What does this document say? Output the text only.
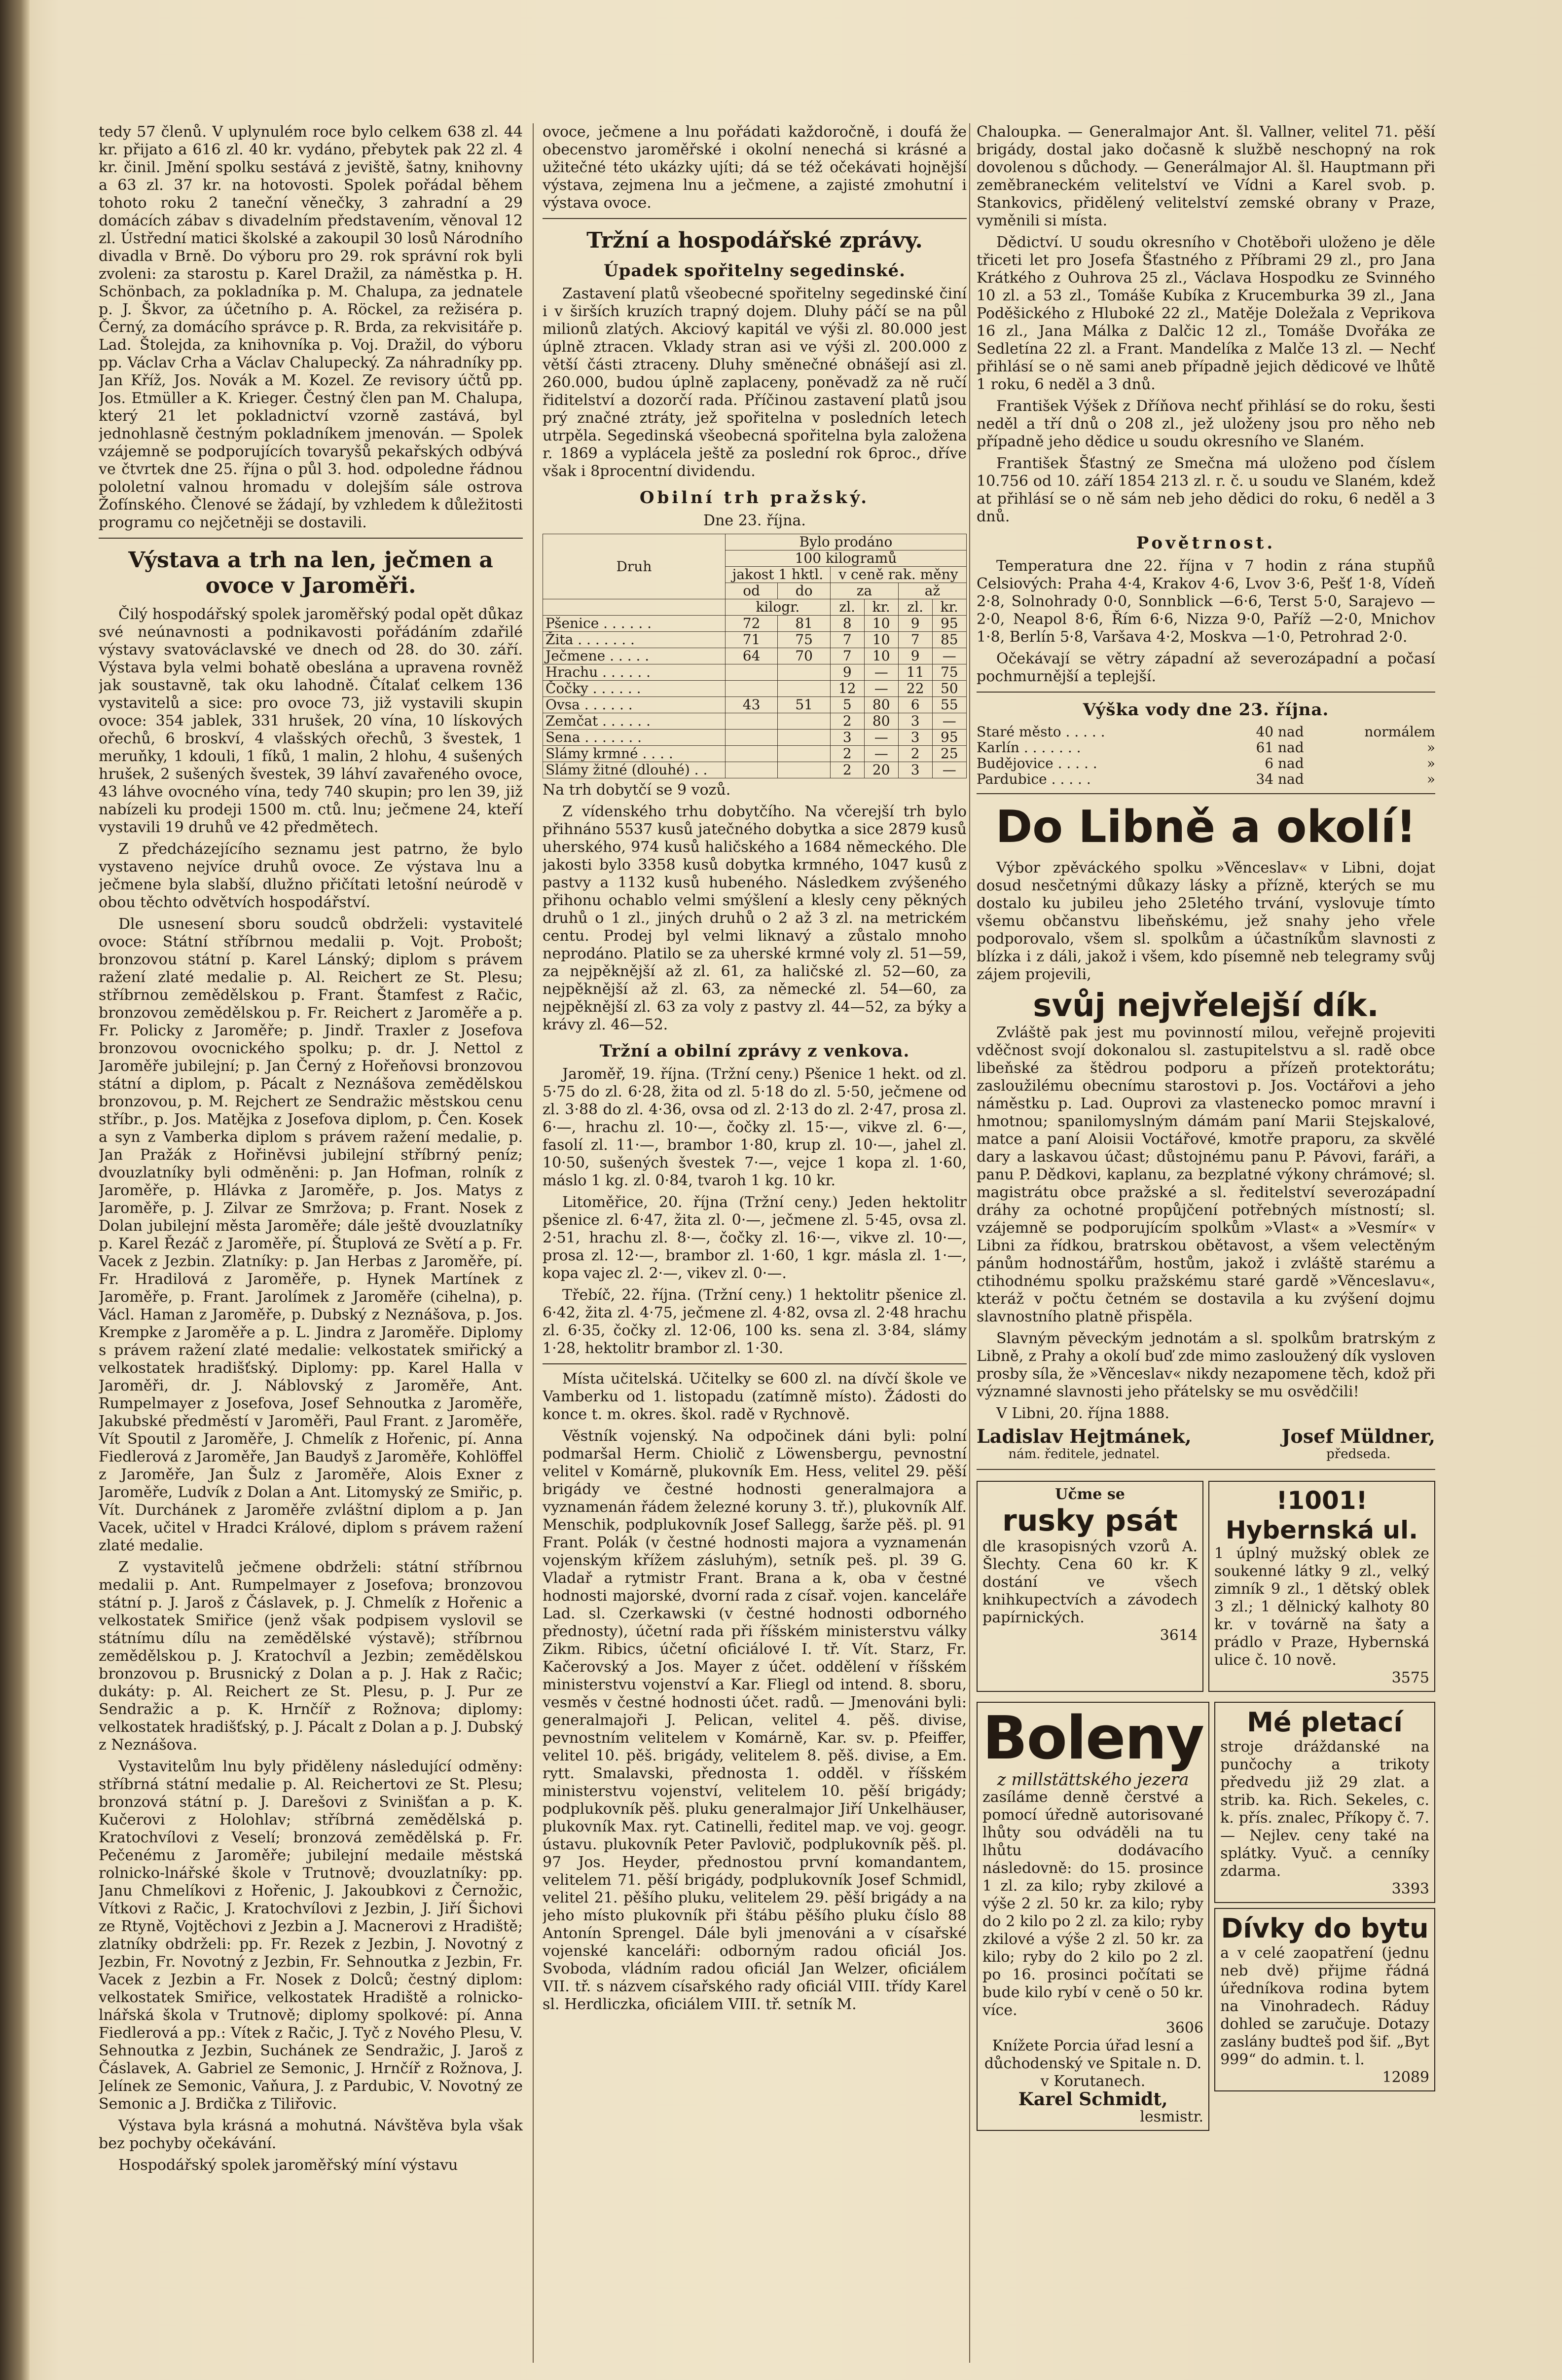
tedy 57 členů. V uplynulém roce bylo celkem 638 zl. 44 kr. přijato a 616 zl. 40 kr. vydáno, přebytek pak 22 zl. 4 kr. činil. Jmění spolku sestává z jeviště, šatny, knihovny a 63 zl. 37 kr. na hotovosti. Spolek pořádal během tohoto roku 2 taneční věnečky, 3 zahradní a 29 domácích zábav s divadelním představením, věnoval 12 zl. Ústřední matici školské a zakoupil 30 losů Národního divadla v Brně. Do výboru pro 29. rok správní rok byli zvoleni: za starostu p. Karel Dražil, za náměstka p. H. Schönbach, za pokladníka p. M. Chalupa, za jednatele p. J. Škvor, za účetního p. A. Röckel, za režiséra p. Černý, za domácího správce p. R. Brda, za rekvisitáře p. Lad. Štolejda, za knihovníka p. Voj. Dražil, do výboru pp. Václav Crha a Václav Chalupecký. Za náhradníky pp. Jan Kříž, Jos. Novák a M. Kozel. Ze revisory účtů pp. Jos. Etmüller a K. Krieger. Čestný člen pan M. Chalupa, který 21 let pokladnictví vzorně zastává, byl jednohlasně čestným pokladníkem jmenován. — Spolek vzájemně se podporujících tovaryšů pekařských odbývá ve čtvrtek dne 25. října o půl 3. hod. odpoledne řádnou pololetní valnou hromadu v dolejším sále ostrova Žofínského. Členové se žádají, by vzhledem k důležitosti programu co nejčetněji se dostavili.

Výstava a trh na len, ječmen a ovoce v Jaroměři.

Čilý hospodářský spolek jaroměřský podal opět důkaz své neúnavnosti a podnikavosti pořádáním zdařilé výstavy svatováclavské ve dnech od 28. do 30. září. Výstava byla velmi bohatě obeslána a upravena rovněž jak soustavně, tak oku lahodně. Čítalať celkem 136 vystavitelů a sice: pro ovoce 73, již vystavili skupin ovoce: 354 jablek, 331 hrušek, 20 vína, 10 lískových ořechů, 6 broskví, 4 vlašských ořechů, 3 švestek, 1 meruňky, 1 kdouli, 1 fíků, 1 malin, 2 hlohu, 4 sušených hrušek, 2 sušených švestek, 39 láhví zavařeného ovoce, 43 láhve ovocného vína, tedy 740 skupin; pro len 39, již nabízeli ku prodeji 1500 m. ctů. lnu; ječmene 24, kteří vystavili 19 druhů ve 42 předmětech.

Z předcházejícího seznamu jest patrno, že bylo vystaveno nejvíce druhů ovoce. Ze výstava lnu a ječmene byla slabší, dlužno přičítati letošní neúrodě v obou těchto odvětvích hospodářství.

Dle usnesení sboru soudců obdrželi: vystavitelé ovoce: Státní stříbrnou medalii p. Vojt. Probošt; bronzovou státní p. Karel Lánský; diplom s právem ražení zlaté medalie p. Al. Reichert ze St. Plesu; stříbrnou zemědělskou p. Frant. Štamfest z Račic, bronzovou zemědělskou p. Fr. Reichert z Jaroměře a p. Fr. Policky z Jaroměře; p. Jindř. Traxler z Josefova bronzovou ovocnického spolku; p. dr. J. Nettol z Jaroměře jubilejní; p. Jan Černý z Hořeňovsi bronzovou státní a diplom, p. Pácalt z Neznášova zemědělskou bronzovou, p. M. Rejchert ze Sendražic městskou cenu stříbr., p. Jos. Matějka z Josefova diplom, p. Čen. Kosek a syn z Vamberka diplom s právem ražení medalie, p. Jan Pražák z Hořiněvsi jubilejní stříbrný peníz; dvouzlatníky byli odměněni: p. Jan Hofman, rolník z Jaroměře, p. Hlávka z Jaroměře, p. Jos. Matys z Jaroměře, p. J. Zilvar ze Smržova; p. Frant. Nosek z Dolan jubilejní města Jaroměře; dále ještě dvouzlatníky p. Karel Řezáč z Jaroměře, pí. Štuplová ze Světí a p. Fr. Vacek z Jezbin. Zlatníky: p. Jan Herbas z Jaroměře, pí. Fr. Hradilová z Jaroměře, p. Hynek Martínek z Jaroměře, p. Frant. Jarolímek z Jaroměře (cihelna), p. Václ. Haman z Jaroměře, p. Dubský z Neznášova, p. Jos. Krempke z Jaroměře a p. L. Jindra z Jaroměře. Diplomy s právem ražení zlaté medalie: velkostatek smiřický a velkostatek hradišťský. Diplomy: pp. Karel Halla v Jaroměři, dr. J. Náblovský z Jaroměře, Ant. Rumpelmayer z Josefova, Josef Sehnoutka z Jaroměře, Jakubské předměstí v Jaroměři, Paul Frant. z Jaroměře, Vít Spoutil z Jaroměře, J. Chmelík z Hořenic, pí. Anna Fiedlerová z Jaroměře, Jan Baudyš z Jaroměře, Kohlöffel z Jaroměře, Jan Šulz z Jaroměře, Alois Exner z Jaroměře, Ludvík z Dolan a Ant. Litomyský ze Smiřic, p. Vít. Durchánek z Jaroměře zvláštní diplom a p. Jan Vacek, učitel v Hradci Králové, diplom s právem ražení zlaté medalie.

Z vystavitelů ječmene obdrželi: státní stříbrnou medalii p. Ant. Rumpelmayer z Josefova; bronzovou státní p. J. Jaroš z Čáslavek, p. J. Chmelík z Hořenic a velkostatek Smiřice (jenž však podpisem vyslovil se státnímu dílu na zemědělské výstavě); stříbrnou zemědělskou p. J. Kratochvíl a Jezbin; zemědělskou bronzovou p. Brusnický z Dolan a p. J. Hak z Račic; dukáty: p. Al. Reichert ze St. Plesu, p. J. Pur ze Sendražic a p. K. Hrnčíř z Rožnova; diplomy: velkostatek hradišťský, p. J. Pácalt z Dolan a p. J. Dubský z Neznášova.

Vystavitelům lnu byly přiděleny následující odměny: stříbrná státní medalie p. Al. Reichertovi ze St. Plesu; bronzová státní p. J. Darešovi z Svinišťan a p. K. Kučerovi z Holohlav; stříbrná zemědělská p. Kratochvílovi z Veselí; bronzová zemědělská p. Fr. Pečenému z Jaroměře; jubilejní medaile městská rolnicko-lnářské škole v Trutnově; dvouzlatníky: pp. Janu Chmelíkovi z Hořenic, J. Jakoubkovi z Černožic, Vítkovi z Račic, J. Kratochvílovi z Jezbin, J. Jiří Šichovi ze Rtyně, Vojtěchovi z Jezbin a J. Macnerovi z Hradiště; zlatníky obdrželi: pp. Fr. Rezek z Jezbin, J. Novotný z Jezbin, Fr. Novotný z Jezbin, Fr. Sehnoutka z Jezbin, Fr. Vacek z Jezbin a Fr. Nosek z Dolců; čestný diplom: velkostatek Smiřice, velkostatek Hradiště a rolnicko-lnářská škola v Trutnově; diplomy spolkové: pí. Anna Fiedlerová a pp.: Vítek z Račic, J. Tyč z Nového Plesu, V. Sehnoutka z Jezbin, Suchánek ze Sendražic, J. Jaroš z Čáslavek, A. Gabriel ze Semonic, J. Hrnčíř z Rožnova, J. Jelínek ze Semonic, Vaňura, J. z Pardubic, V. Novotný ze Semonic a J. Brdička z Tiliřovic.

Výstava byla krásná a mohutná. Návštěva byla však bez pochyby očekávání.

Hospodářský spolek jaroměřský míní výstavu

ovoce, ječmene a lnu pořádati každoročně, i doufá že obecenstvo jaroměřské i okolní nenechá si krásné a užitečné této ukázky ujíti; dá se též očekávati hojnější výstava, zejmena lnu a ječmene, a zajisté zmohutní i výstava ovoce.

Tržní a hospodářské zprávy.
Úpadek spořitelny segedinské.

Zastavení platů všeobecné spořitelny segedinské činí i v širších kruzích trapný dojem. Dluhy páčí se na půl milionů zlatých. Akciový kapitál ve výši zl. 80.000 jest úplně ztracen. Vklady stran asi ve výši zl. 200.000 z větší části ztraceny. Dluhy směnečné obnášejí asi zl. 260.000, budou úplně zaplaceny, poněvadž za ně ručí řiditelství a dozorčí rada. Příčinou zastavení platů jsou prý značné ztráty, jež spořitelna v posledních letech utrpěla. Segedinská všeobecná spořitelna byla založena r. 1869 a vyplácela ještě za poslední rok 6proc., dříve však i 8procentní dividendu.

Obilní trh pražský.

Dne 23. října.

Druh	Bylo prodáno					
	100 kilogramů					
	jakost 1 hktl.		v ceně rak. měny			
	od	do	za		až	
	kilogr.		zl.	kr.	zl.	kr.
Pšenice . . . . . .	72	81	8	10	9	95
Žita . . . . . . .	71	75	7	10	7	85
Ječmene . . . . .	64	70	7	10	9	—
Hrachu . . . . . .			9	—	11	75
Čočky . . . . . .			12	—	22	50
Ovsa . . . . . .	43	51	5	80	6	55
Zemčat . . . . . .			2	80	3	—
Sena . . . . . . .			3	—	3	95
Slámy krmné . . . .			2	—	2	25
Slámy žitné (dlouhé) . .			2	20	3	—

Na trh dobytčí se 9 vozů.

Z vídenského trhu dobytčího. Na včerejší trh bylo přihnáno 5537 kusů jatečného dobytka a sice 2879 kusů uherského, 974 kusů haličského a 1684 německého. Dle jakosti bylo 3358 kusů dobytka krmného, 1047 kusů z pastvy a 1132 kusů hubeného. Následkem zvýšeného přihonu ochablo velmi smýšlení a klesly ceny pěkných druhů o 1 zl., jiných druhů o 2 až 3 zl. na metrickém centu. Prodej byl velmi liknavý a zůstalo mnoho neprodáno. Platilo se za uherské krmné voly zl. 51—59, za nejpěknější až zl. 61, za haličské zl. 52—60, za nejpěknější až zl. 63, za německé zl. 54—60, za nejpěknější zl. 63 za voly z pastvy zl. 44—52, za býky a krávy zl. 46—52.

Tržní a obilní zprávy z venkova.

Jaroměř, 19. října. (Tržní ceny.) Pšenice 1 hekt. od zl. 5·75 do zl. 6·28, žita od zl. 5·18 do zl. 5·50, ječmene od zl. 3·88 do zl. 4·36, ovsa od zl. 2·13 do zl. 2·47, prosa zl. 6·—, hrachu zl. 10·—, čočky zl. 15·—, vikve zl. 6·—, fasolí zl. 11·—, brambor 1·80, krup zl. 10·—, jahel zl. 10·50, sušených švestek 7·—, vejce 1 kopa zl. 1·60, máslo 1 kg. zl. 0·84, tvaroh 1 kg. 10 kr.

Litoměřice, 20. října (Tržní ceny.) Jeden hektolitr pšenice zl. 6·47, žita zl. 0·—, ječmene zl. 5·45, ovsa zl. 2·51, hrachu zl. 8·—, čočky zl. 16·—, vikve zl. 10·—, prosa zl. 12·—, brambor zl. 1·60, 1 kgr. másla zl. 1·—, kopa vajec zl. 2·—, vikev zl. 0·—.

Třebíč, 22. října. (Tržní ceny.) 1 hektolitr pšenice zl. 6·42, žita zl. 4·75, ječmene zl. 4·82, ovsa zl. 2·48 hrachu zl. 6·35, čočky zl. 12·06, 100 ks. sena zl. 3·84, slámy 1·28, hektolitr brambor zl. 1·30.

Místa učitelská. Učitelky se 600 zl. na dívčí škole ve Vamberku od 1. listopadu (zatímně místo). Žádosti do konce t. m. okres. škol. radě v Rychnově.

Věstník vojenský. Na odpočinek dáni byli: polní podmaršal Herm. Chiolič z Löwensbergu, pevnostní velitel v Komárně, plukovník Em. Hess, velitel 29. pěší brigády ve čestné hodnosti generalmajora a vyznamenán řádem železné koruny 3. tř.), plukovník Alf. Menschik, podplukovník Josef Sallegg, šarže pěš. pl. 91 Frant. Polák (v čestné hodnosti majora a vyznamenán vojenským křížem zásluhým), setník peš. pl. 39 G. Vladař a rytmistr Frant. Brana a k, oba v čestné hodnosti majorské, dvorní rada z císař. vojen. kanceláře Lad. sl. Czerkawski (v čestné hodnosti odborného přednosty), účetní rada při říšském ministerstvu války Zikm. Ribics, účetní oficiálové I. tř. Vít. Starz, Fr. Kačerovský a Jos. Mayer z účet. oddělení v říšském ministerstvu vojenství a Kar. Fliegl od intend. 8. sboru, vesměs v čestné hodnosti účet. radů. — Jmenováni byli: generalmajoři J. Pelican, velitel 4. pěš. divise, pevnostním velitelem v Komárně, Kar. sv. p. Pfeiffer, velitel 10. pěš. brigády, velitelem 8. pěš. divise, a Em. rytt. Smalavski, přednosta 1. odděl. v říšském ministerstvu vojenství, velitelem 10. pěší brigády; podplukovník pěš. pluku generalmajor Jiří Unkelhäuser, plukovník Max. ryt. Catinelli, ředitel map. ve voj. geogr. ústavu. plukovník Peter Pavlovič, podplukovník pěš. pl. 97 Jos. Heyder, přednostou první komandantem, velitelem 71. pěší brigády, podplukovník Josef Schmidl, velitel 21. pěšího pluku, velitelem 29. pěší brigády a na jeho místo plukovník při štábu pěšího pluku číslo 88 Antonín Sprengel. Dále byli jmenováni a v císařské vojenské kanceláři: odborným radou oficiál Jos. Svoboda, vládním radou oficiál Jan Welzer, oficiálem VII. tř. s názvem císařského rady oficiál VIII. třídy Karel sl. Herdliczka, oficiálem VIII. tř. setník M.

Chaloupka. — Generalmajor Ant. šl. Vallner, velitel 71. pěší brigády, dostal jako dočasně k službě neschopný na rok dovolenou s důchody. — Generálmajor Al. šl. Hauptmann při zeměbraneckém velitelství ve Vídni a Karel svob. p. Stankovics, přidělený velitelství zemské obrany v Praze, vyměnili si místa.

Dědictví. U soudu okresního v Chotěboři uloženo je děle třiceti let pro Josefa Šťastného z Příbrami 29 zl., pro Jana Krátkého z Ouhrova 25 zl., Václava Hospodku ze Svinného 10 zl. a 53 zl., Tomáše Kubíka z Krucemburka 39 zl., Jana Poděšického z Hluboké 22 zl., Matěje Doležala z Veprikova 16 zl., Jana Málka z Dalčic 12 zl., Tomáše Dvořáka ze Sedletína 22 zl. a Frant. Mandelíka z Malče 13 zl. — Nechť přihlásí se o ně sami aneb případně jejich dědicové ve lhůtě 1 roku, 6 neděl a 3 dnů.

František Výšek z Dříňova nechť přihlásí se do roku, šesti neděl a tří dnů o 208 zl., jež uloženy jsou pro něho neb případně jeho dědice u soudu okresního ve Slaném.

František Šťastný ze Smečna má uloženo pod číslem 10.756 od 10. září 1854 213 zl. r. č. u soudu ve Slaném, kdež at přihlásí se o ně sám neb jeho dědici do roku, 6 neděl a 3 dnů.

Povětrnost.

Temperatura dne 22. října v 7 hodin z rána stupňů Celsiových: Praha 4·4, Krakov 4·6, Lvov 3·6, Pešť 1·8, Vídeň 2·8, Solnohrady 0·0, Sonnblick —6·6, Terst 5·0, Sarajevo —2·0, Neapol 8·6, Řím 6·6, Nizza 9·0, Paříž —2·0, Mnichov 1·8, Berlín 5·8, Varšava 4·2, Moskva —1·0, Petrohrad 2·0.

Očekávají se větry západní až severozápadní a počasí pochmurnější a teplejší.

Výška vody dne 23. října.
Staré město . . . . .	40 nad	normálem
Karlín . . . . . . .	61 nad	»
Budějovice . . . . .	6 nad	»
Pardubice . . . . .	34 nad	»
Do Libně a okolí!

Výbor zpěváckého spolku »Věnceslav« v Libni, dojat dosud nesčetnými důkazy lásky a přízně, kterých se mu dostalo ku jubileu jeho 25letého trvání, vyslovuje tímto všemu občanstvu libeňskému, jež snahy jeho vřele podporovalo, všem sl. spolkům a účastníkům slavnosti z blízka i z dáli, jakož i všem, kdo písemně neb telegramy svůj zájem projevili,

svůj nejvřelejší dík.

Zvláště pak jest mu povinností milou, veřejně projeviti vděčnost svojí dokonalou sl. zastupitelstvu a sl. radě obce libeňské za štědrou podporu a přízeň protektorátu; zasloužilému obecnímu starostovi p. Jos. Voctářovi a jeho náměstku p. Lad. Ouprovi za vlastenecko pomoc mravní i hmotnou; spanilomyslným dámám paní Marii Stejskalové, matce a paní Aloisii Voctářové, kmotře praporu, za skvělé dary a laskavou účast; důstojnému panu P. Pávovi, faráři, a panu P. Dědkovi, kaplanu, za bezplatné výkony chrámové; sl. magistrátu obce pražské a sl. ředitelství severozápadní dráhy za ochotné propůjčení potřebných místností; sl. vzájemně se podporujícím spolkům »Vlast« a »Vesmír« v Libni za řídkou, bratrskou obětavost, a všem velectěným pánům hodnostářům, hostům, jakož i zvláště starému a ctihodnému spolku pražskému staré gardě »Věnceslavu«, kteráž v počtu četném se dostavila a ku zvýšení dojmu slavnostního platně přispěla.

Slavným pěveckým jednotám a sl. spolkům bratrským z Libně, z Prahy a okolí buď zde mimo zasloužený dík vysloven prosby síla, že »Věnceslav« nikdy nezapomene těch, kdož při významné slavnosti jeho přátelsky se mu osvědčili!

V Libni, 20. října 1888.

Ladislav Hejtmánek,
nám. ředitele, jednatel.
Josef Müldner,
předseda.
Učme se
rusky psát
dle krasopisných vzorů A. Šlechty. Cena 60 kr. K dostání ve všech knihkupectvích a závodech papírnických.
3614
!1001! Hybernská ul.
1 úplný mužský oblek ze soukenné látky 9 zl., velký zimník 9 zl., 1 dětský oblek 3 zl.; 1 dělnický kalhoty 80 kr. v továrně na šaty a prádlo v Praze, Hybernská ulice č. 10 nově.
3575
Boleny
z millstättského jezera
zasíláme denně čerstvé a pomocí úředně autorisované lhůty sou odváděli na tu lhůtu dodávacího následovně: do 15. prosince 1 zl. za kilo; ryby zkilové a výše 2 zl. 50 kr. za kilo; ryby do 2 kilo po 2 zl. za kilo; ryby zkilové a výše 2 zl. 50 kr. za kilo; ryby do 2 kilo po 2 zl. po 16. prosinci počítati se bude kilo rybí v ceně o 50 kr. více.
3606
Knížete Porcia úřad lesní a důchodenský ve Spitale n. D. v Korutanech.
Karel Schmidt,
lesmistr.
Mé pletací
stroje dráždanské na punčochy a trikoty předvedu již 29 zlat. a strib. ka. Rich. Sekeles, c. k. přís. znalec, Příkopy č. 7. — Nejlev. ceny také na splátky. Vyuč. a cenníky zdarma.
3393
Dívky do bytu
a v celé zaopatření (jednu neb dvě) přijme řádná úředníkova rodina bytem na Vinohradech. Ráduy dohled se zaručuje. Dotazy zaslány budteš pod šif. „Byt 999“ do admin. t. l.
12089
